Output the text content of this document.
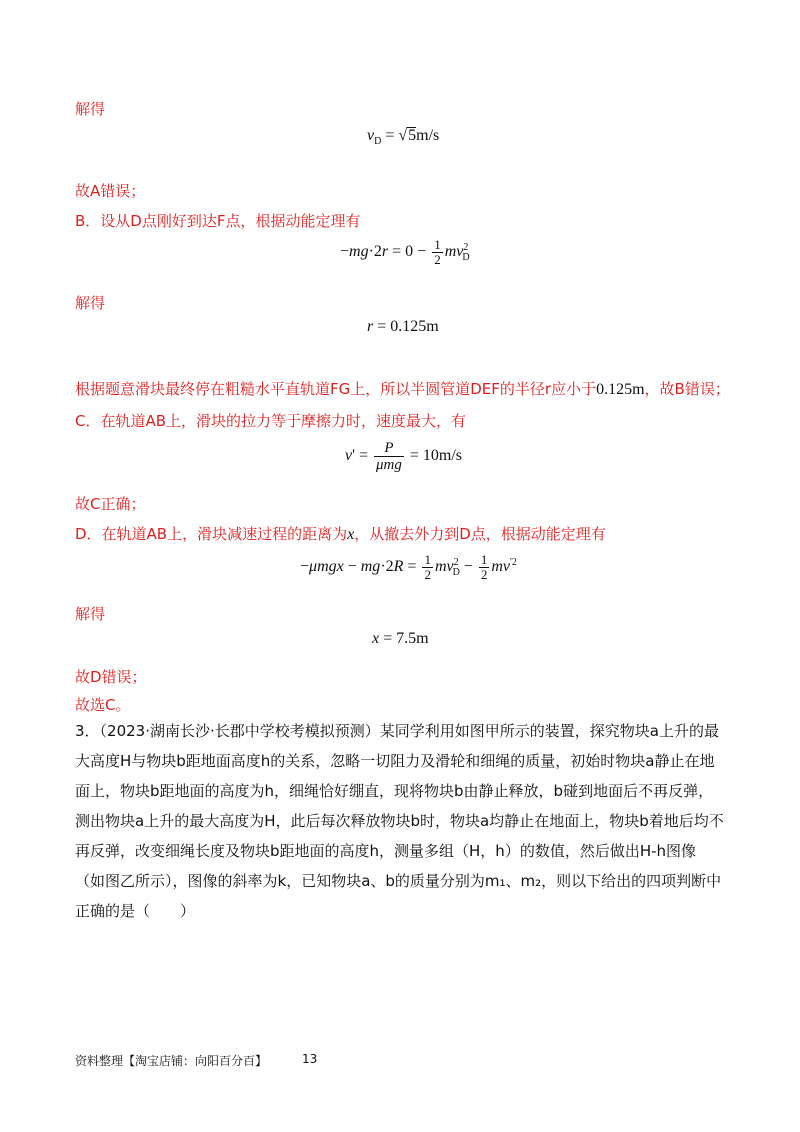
解得
$v_D = √5m/s$
故A错误；
B．设从D点刚好到达F点，根据动能定理有
$-mg\cdot 2r = 0 - \frac{1}{2} mv^2_D$
解得
r = 0.125m
根据题意滑块最终停在粗糙水平直轨道FG上，所以半圆管道DEF的半径r应小于0.125m，故B错误；
C．在轨道AB上，滑块的拉力等于摩擦力时，速度最大，有
$v' = \frac{P}{\text{μmg}} = 10m/s$
故C正确；
D．在轨道AB上，滑块减速过程的距离为x，从撤去外力到D点，根据动能定理有
$-\mu mgx - mg\cdot 2R = \frac{1}{2} mv^2_D - \frac{1}{2} mv^{'2}$
解得
x = 7.5m
故D错误；
故选C。
3．（2023·湖南长沙·长郡中学校考模拟预测）某同学利用如图甲所示的装置，探究物块a上升的最大高度H与物块b距地面高度h的关系，忽略一切阻力及滑轮和细绳的质量，初始时物块a静止在地面上，物块b距地面的高度为h，细绳恰好绷直，现将物块b由静止释放，b碰到地面后不再反弹，测出物块a上升的最大高度为H，此后每次释放物块b时，物块a均静止在地面上，物块b着地后均不再反弹，改变细绳长度及物块b距地面的高度h，测量多组（H，h）的数值，然后做出H-h图像（如图乙所示），图像的斜率为k，已知物块a、b的质量分别为m₁、m₂，则以下给出的四项判断中正确的是（　　）
资料整理【淘宝店铺：向阳百分百】	13
